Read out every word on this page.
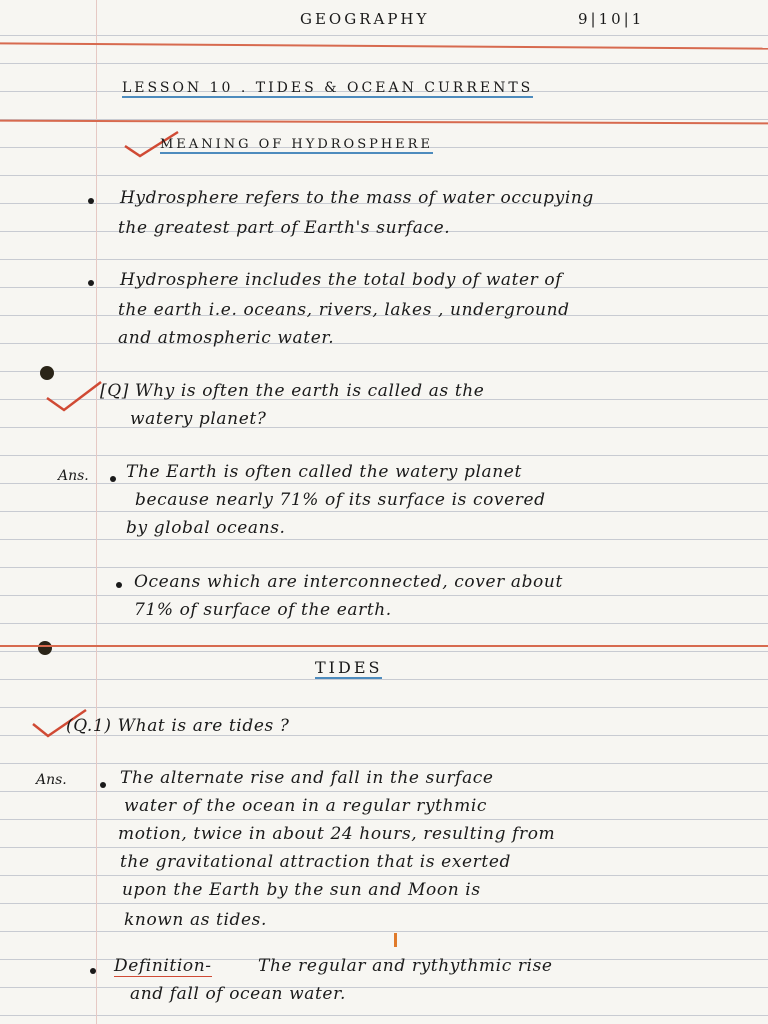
GEOGRAPHY	9|10|1
LESSON 10 . TIDES & OCEAN CURRENTS
MEANING OF HYDROSPHERE
Hydrosphere refers to the mass of water occupying
the greatest part of Earth's surface.
Hydrosphere includes the total body of water of
the earth i.e. oceans, rivers, lakes , underground
and atmospheric water.
[Q] Why is often the earth is called as the
watery planet?
Ans. The Earth is often called the watery planet
because nearly 71% of its surface is covered
by global oceans.
Oceans which are interconnected, cover about
71% of surface of the earth.
TIDES
(Q.1) What is are tides ?
Ans.	The alternate rise and fall in the surface
water of the ocean in a regular rythmic
motion, twice in about 24 hours, resulting from
the gravitational attraction that is exerted
upon the Earth by the sun and Moon is
known as tides.
Definition-	The regular and rythythmic rise
and fall of ocean water.
